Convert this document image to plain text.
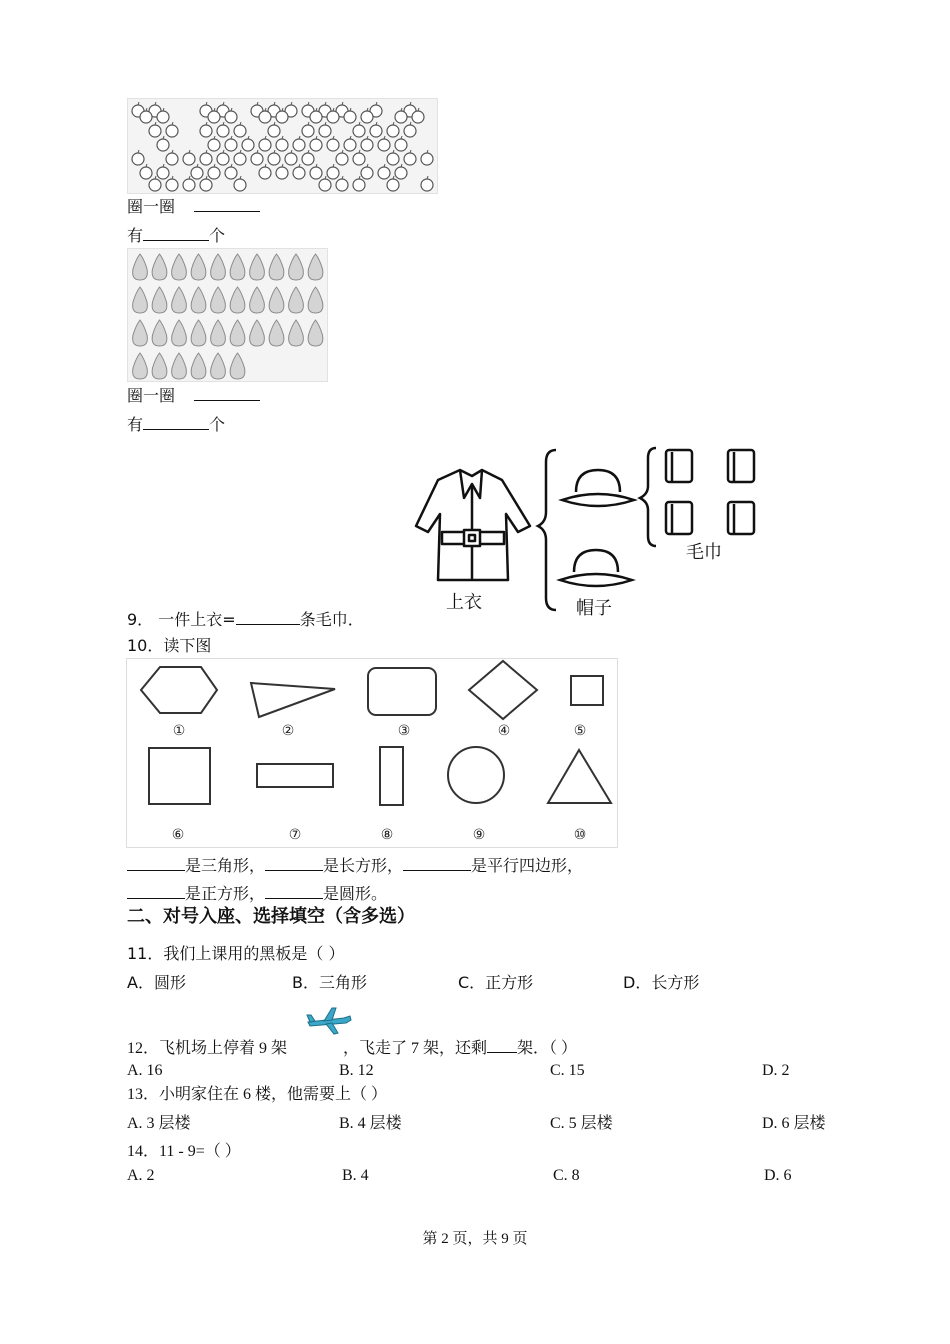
圈一圈
有	个
圈一圈
有	个
上衣	帽子
毛巾
9． 一件上衣=	条毛巾．
10．读下图
①	②	③	④	⑤
⑥	⑦	⑧	⑨	⑩
是三角形，	是长方形，	是平行四边形，
是正方形，	是圆形。
二、对号入座、选择填空（含多选）
11．我们上课用的黑板是（ ）
A．圆形	B．三角形	C．正方形	D．长方形
12．飞机场上停着 9 架	，飞走了 7 架，还剩 架．（ ）
A. 16	B. 12	C. 15	D. 2
13．小明家住在 6 楼，他需要上（ ）
A. 3 层楼	B. 4 层楼	C. 5 层楼	D. 6 层楼
14．11 - 9=（ ）
A. 2	B. 4	C. 8	D. 6
第 2 页，共 9 页
